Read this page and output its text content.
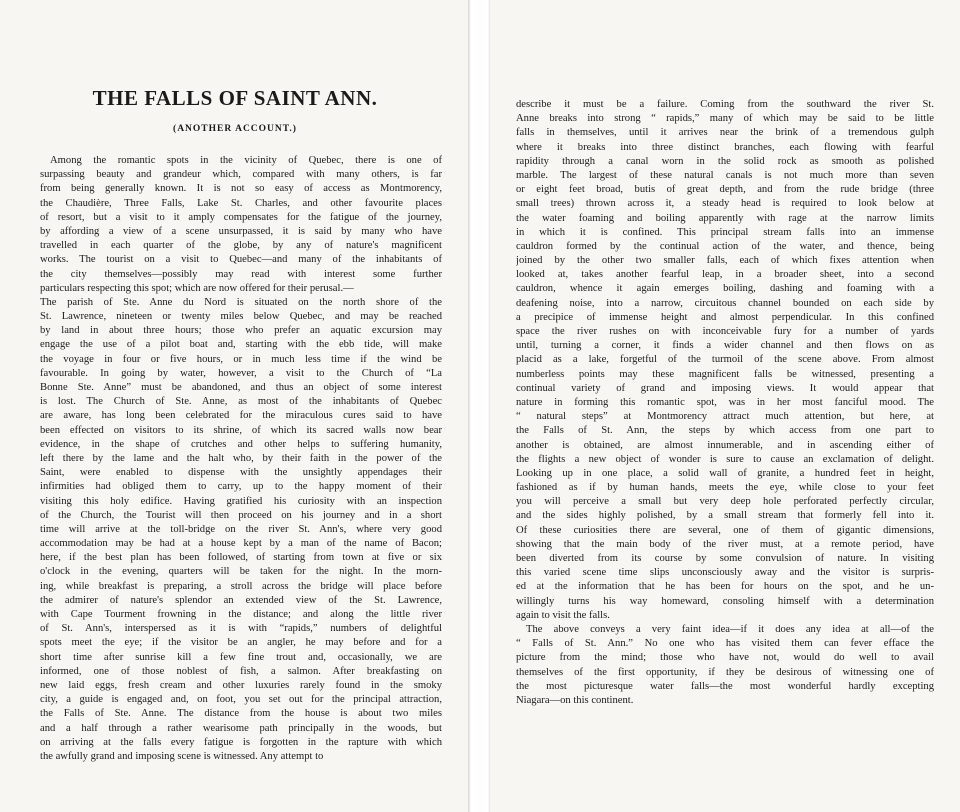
THE FALLS OF SAINT ANN.
(ANOTHER ACCOUNT.)
Among the romantic spots in the vicinity of Quebec, there is one of
surpassing beauty and grandeur which, compared with many others, is far
from being generally known. It is not so easy of access as Montmorency,
the Chaudière, Three Falls, Lake St. Charles, and other favourite places
of resort, but a visit to it amply compensates for the fatigue of the journey,
by affording a view of a scene unsurpassed, it is said by many who have
travelled in each quarter of the globe, by any of nature's magnificent
works. The tourist on a visit to Quebec—and many of the inhabitants of
the city themselves—possibly may read with interest some further
particulars respecting this spot; which are now offered for their perusal.—
The parish of Ste. Anne du Nord is situated on the north shore of the
St. Lawrence, nineteen or twenty miles below Quebec, and may be reached
by land in about three hours; those who prefer an aquatic excursion may
engage the use of a pilot boat and, starting with the ebb tide, will make
the voyage in four or five hours, or in much less time if the wind be
favourable. In going by water, however, a visit to the Church of “La
Bonne Ste. Anne” must be abandoned, and thus an object of some interest
is lost. The Church of Ste. Anne, as most of the inhabitants of Quebec
are aware, has long been celebrated for the miraculous cures said to have
been effected on visitors to its shrine, of which its sacred walls now bear
evidence, in the shape of crutches and other helps to suffering humanity,
left there by the lame and the halt who, by their faith in the power of the
Saint, were enabled to dispense with the unsightly appendages their
infirmities had obliged them to carry, up to the happy moment of their
visiting this holy edifice. Having gratified his curiosity with an inspection
of the Church, the Tourist will then proceed on his journey and in a short
time will arrive at the toll-bridge on the river St. Ann's, where very good
accommodation may be had at a house kept by a man of the name of Bacon;
here, if the best plan has been followed, of starting from town at five or six
o'clock in the evening, quarters will be taken for the night. In the morn-
ing, while breakfast is preparing, a stroll across the bridge will place before
the admirer of nature's splendor an extended view of the St. Lawrence,
with Cape Tourment frowning in the distance; and along the little river
of St. Ann's, interspersed as it is with “rapids,” numbers of delightful
spots meet the eye; if the visitor be an angler, he may before and for a
short time after sunrise kill a few fine trout and, occasionally, we are
informed, one of those noblest of fish, a salmon. After breakfasting on
new laid eggs, fresh cream and other luxuries rarely found in the smoky
city, a guide is engaged and, on foot, you set out for the principal attraction,
the Falls of Ste. Anne. The distance from the house is about two miles
and a half through a rather wearisome path principally in the woods, but
on arriving at the falls every fatigue is forgotten in the rapture with which
the awfully grand and imposing scene is witnessed. Any attempt to
describe it must be a failure. Coming from the southward the river St.
Anne breaks into strong “ rapids,” many of which may be said to be little
falls in themselves, until it arrives near the brink of a tremendous gulph
where it breaks into three distinct branches, each flowing with fearful
rapidity through a canal worn in the solid rock as smooth as polished
marble. The largest of these natural canals is not much more than seven
or eight feet broad, butis of great depth, and from the rude bridge (three
small trees) thrown across it, a steady head is required to look below at
the water foaming and boiling apparently with rage at the narrow limits
in which it is confined. This principal stream falls into an immense
cauldron formed by the continual action of the water, and thence, being
joined by the other two smaller falls, each of which fixes attention when
looked at, takes another fearful leap, in a broader sheet, into a second
cauldron, whence it again emerges boiling, dashing and foaming with a
deafening noise, into a narrow, circuitous channel bounded on each side by
a precipice of immense height and almost perpendicular. In this confined
space the river rushes on with inconceivable fury for a number of yards
until, turning a corner, it finds a wider channel and then flows on as
placid as a lake, forgetful of the turmoil of the scene above. From almost
numberless points may these magnificent falls be witnessed, presenting a
continual variety of grand and imposing views. It would appear that
nature in forming this romantic spot, was in her most fanciful mood. The
“ natural steps” at Montmorency attract much attention, but here, at
the Falls of St. Ann, the steps by which access from one part to
another is obtained, are almost innumerable, and in ascending either of
the flights a new object of wonder is sure to cause an exclamation of delight.
Looking up in one place, a solid wall of granite, a hundred feet in height,
fashioned as if by human hands, meets the eye, while close to your feet
you will perceive a small but very deep hole perforated perfectly circular,
and the sides highly polished, by a small stream that formerly fell into it.
Of these curiosities there are several, one of them of gigantic dimensions,
showing that the main body of the river must, at a remote period, have
been diverted from its course by some convulsion of nature. In visiting
this varied scene time slips unconsciously away and the visitor is surpris-
ed at the information that he has been for hours on the spot, and he un-
willingly turns his way homeward, consoling himself with a determination
again to visit the falls.
The above conveys a very faint idea—if it does any idea at all—of the
“ Falls of St. Ann.” No one who has visited them can fever efface the
picture from the mind; those who have not, would do well to avail
themselves of the first opportunity, if they be desirous of witnessing one of
the most picturesque water falls—the most wonderful hardly excepting
Niagara—on this continent.
